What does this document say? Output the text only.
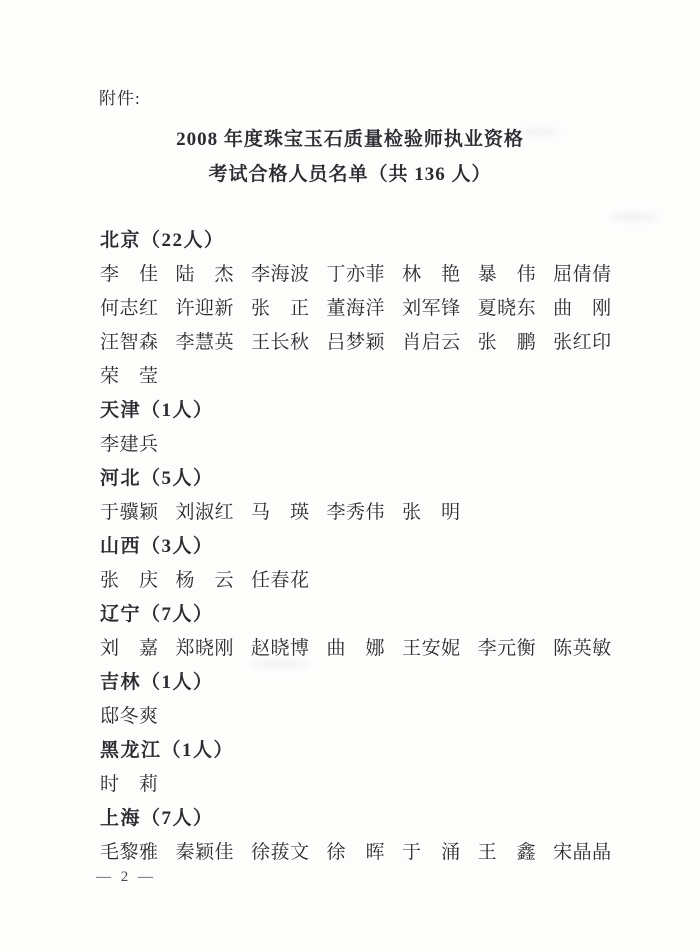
附件:
2008 年度珠宝玉石质量检验师执业资格
考试合格人员名单（共 136 人）
北京（22人）
李　佳 陆　杰 李海波 丁亦菲 林　艳 暴　伟 屈倩倩
何志红 许迎新 张　正 董海洋 刘军锋 夏晓东 曲　刚
汪智森 李慧英 王长秋 吕梦颖 肖启云 张　鹏 张红印
荣　莹
天津（1人）
李建兵
河北（5人）
于骥颖 刘淑红 马　瑛 李秀伟 张　明
山西（3人）
张　庆 杨　云 任春花
辽宁（7人）
刘　嘉 郑晓刚 赵晓博 曲　娜 王安妮 李元衡 陈英敏
吉林（1人）
邸冬爽
黑龙江（1人）
时　莉
上海（7人）
毛黎雅 秦颖佳 徐菝文 徐　晖 于　涌 王　鑫 宋晶晶
— 2 —
